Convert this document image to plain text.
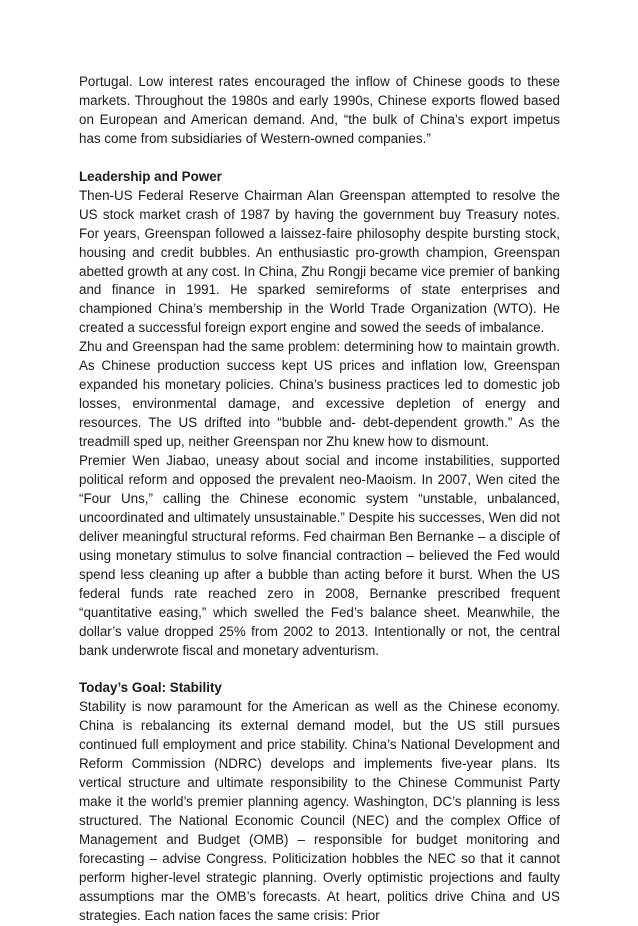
Portugal. Low interest rates encouraged the inflow of Chinese goods to these markets. Throughout the 1980s and early 1990s, Chinese exports flowed based on European and American demand. And, “the bulk of China’s export impetus has come from subsidiaries of Western-owned companies.”

Leadership and Power

Then-US Federal Reserve Chairman Alan Greenspan attempted to resolve the US stock market crash of 1987 by having the government buy Treasury notes. For years, Greenspan followed a laissez-faire philosophy despite bursting stock, housing and credit bubbles. An enthusiastic pro-growth champion, Greenspan abetted growth at any cost. In China, Zhu Rongji became vice premier of banking and finance in 1991. He sparked semireforms of state enterprises and championed China’s membership in the World Trade Organization (WTO). He created a successful foreign export engine and sowed the seeds of imbalance.

Zhu and Greenspan had the same problem: determining how to maintain growth. As Chinese production success kept US prices and inflation low, Greenspan expanded his monetary policies. China’s business practices led to domestic job losses, environmental damage, and excessive depletion of energy and resources. The US drifted into “bubble and- debt-dependent growth.” As the treadmill sped up, neither Greenspan nor Zhu knew how to dismount.

Premier Wen Jiabao, uneasy about social and income instabilities, supported political reform and opposed the prevalent neo-Maoism. In 2007, Wen cited the “Four Uns,” calling the Chinese economic system “unstable, unbalanced, uncoordinated and ultimately unsustainable.” Despite his successes, Wen did not deliver meaningful structural reforms. Fed chairman Ben Bernanke – a disciple of using monetary stimulus to solve financial contraction – believed the Fed would spend less cleaning up after a bubble than acting before it burst. When the US federal funds rate reached zero in 2008, Bernanke prescribed frequent “quantitative easing,” which swelled the Fed’s balance sheet. Meanwhile, the dollar’s value dropped 25% from 2002 to 2013. Intentionally or not, the central bank underwrote fiscal and monetary adventurism.

Today’s Goal: Stability

Stability is now paramount for the American as well as the Chinese economy. China is rebalancing its external demand model, but the US still pursues continued full employment and price stability. China’s National Development and Reform Commission (NDRC) develops and implements five-year plans. Its vertical structure and ultimate responsibility to the Chinese Communist Party make it the world’s premier planning agency. Washington, DC’s planning is less structured. The National Economic Council (NEC) and the complex Office of Management and Budget (OMB) – responsible for budget monitoring and forecasting – advise Congress. Politicization hobbles the NEC so that it cannot perform higher-level strategic planning. Overly optimistic projections and faulty assumptions mar the OMB’s forecasts. At heart, politics drive China and US strategies. Each nation faces the same crisis: Prior
